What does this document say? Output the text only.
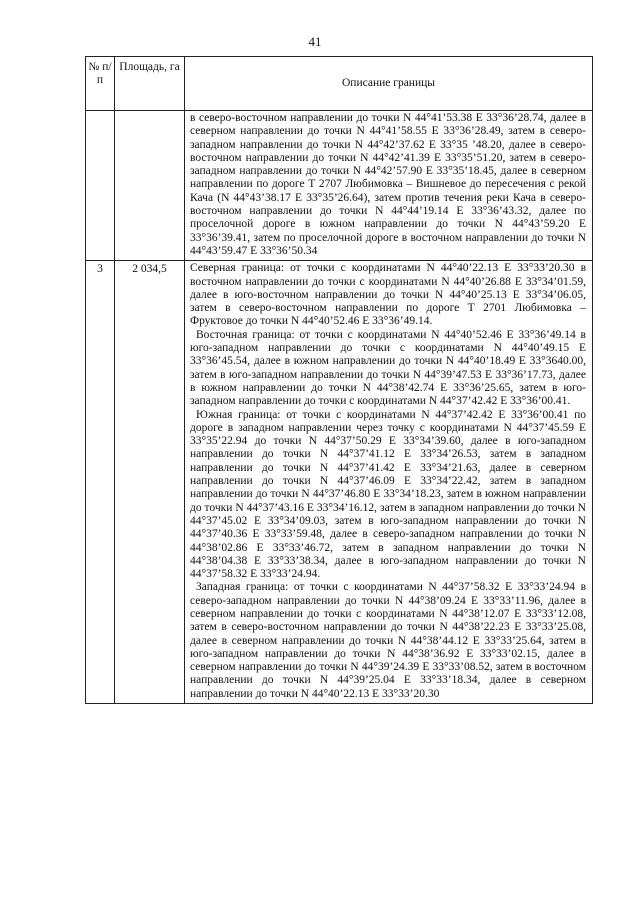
41
№ п/п	Площадь, га	Описание границы

		в северо-восточном направлении до точки N 44°41’53.38 E 33°36’28.74, далее в северном направлении до точки N 44°41’58.55 E 33°36’28.49, затем в северо-западном направлении до точки N 44°42’37.62 E 33°35 ’48.20, далее в северо-восточном направлении до точки N 44°42’41.39 E 33°35’51.20, затем в северо-западном направлении до точки N 44°42’57.90 E 33°35’18.45, далее в северном направлении по дороге Т 2707 Любимовка – Вишневое до пересечения с рекой Кача (N 44°43’38.17 E 33°35’26.64), затем против течения реки Кача в северо-восточном направлении до точки N 44°44’19.14 E 33°36’43.32, далее по проселочной дороге в южном направлении до точки N 44°43’59.20 E 33°36’39.41, затем по проселочной дороге в восточном направлении до точки N 44°43’59.47 E 33°36’50.34

3	2 034,5	Северная граница: от точки с координатами N 44°40’22.13 E 33°33’20.30 в восточном направлении до точки с координатами N 44°40’26.88 E 33°34’01.59, далее в юго-восточном направлении до точки N 44°40’25.13 E 33°34’06.05, затем в северо-восточном направлении по дороге Т 2701 Любимовка – Фруктовое до точки N 44°40’52.46 E 33°36’49.14.

Восточная граница: от точки с координатами N 44°40’52.46 E 33°36’49.14 в юго-западном направлении до точки с координатами N 44°40’49.15 E 33°36’45.54, далее в южном направлении до точки N 44°40’18.49 E 33°3640.00, затем в юго-западном направлении до точки N 44°39’47.53 E 33°36’17.73, далее в южном направлении до точки N 44°38’42.74 E 33°36’25.65, затем в юго-западном направлении до точки с координатами N 44°37’42.42 E 33°36’00.41.

Южная граница: от точки с координатами N 44°37’42.42 E 33°36’00.41 по дороге в западном направлении через точку с координатами N 44°37’45.59 E 33°35’22.94 до точки N 44°37’50.29 E 33°34’39.60, далее в юго-западном направлении до точки N 44°37’41.12 E 33°34’26.53, затем в западном направлении до точки N 44°37’41.42 E 33°34’21.63, далее в северном направлении до точки N 44°37’46.09 E 33°34’22.42, затем в западном направлении до точки N 44°37’46.80 E 33°34’18.23, затем в южном направлении до точки N 44°37’43.16 E 33°34’16.12, затем в западном направлении до точки N 44°37’45.02 E 33°34’09.03, затем в юго-западном направлении до точки N 44°37’40.36 E 33°33’59.48, далее в северо-западном направлении до точки N 44°38’02.86 E 33°33’46.72, затем в западном направлении до точки N 44°38’04.38 E 33°33’38.34, далее в юго-западном направлении до точки N 44°37’58.32 E 33°33’24.94.

Западная граница: от точки с координатами N 44°37’58.32 E 33°33’24.94 в северо-западном направлении до точки N 44°38’09.24 E 33°33’11.96, далее в северном направлении до точки с координатами N 44°38’12.07 E 33°33’12.08, затем в северо-восточном направлении до точки N 44°38’22.23 E 33°33’25.08, далее в северном направлении до точки N 44°38’44.12 E 33°33’25.64, затем в юго-западном направлении до точки N 44°38’36.92 E 33°33’02.15, далее в северном направлении до точки N 44°39’24.39 E 33°33’08.52, затем в восточном направлении до точки N 44°39’25.04 E 33°33’18.34, далее в северном направлении до точки N 44°40’22.13 E 33°33’20.30
